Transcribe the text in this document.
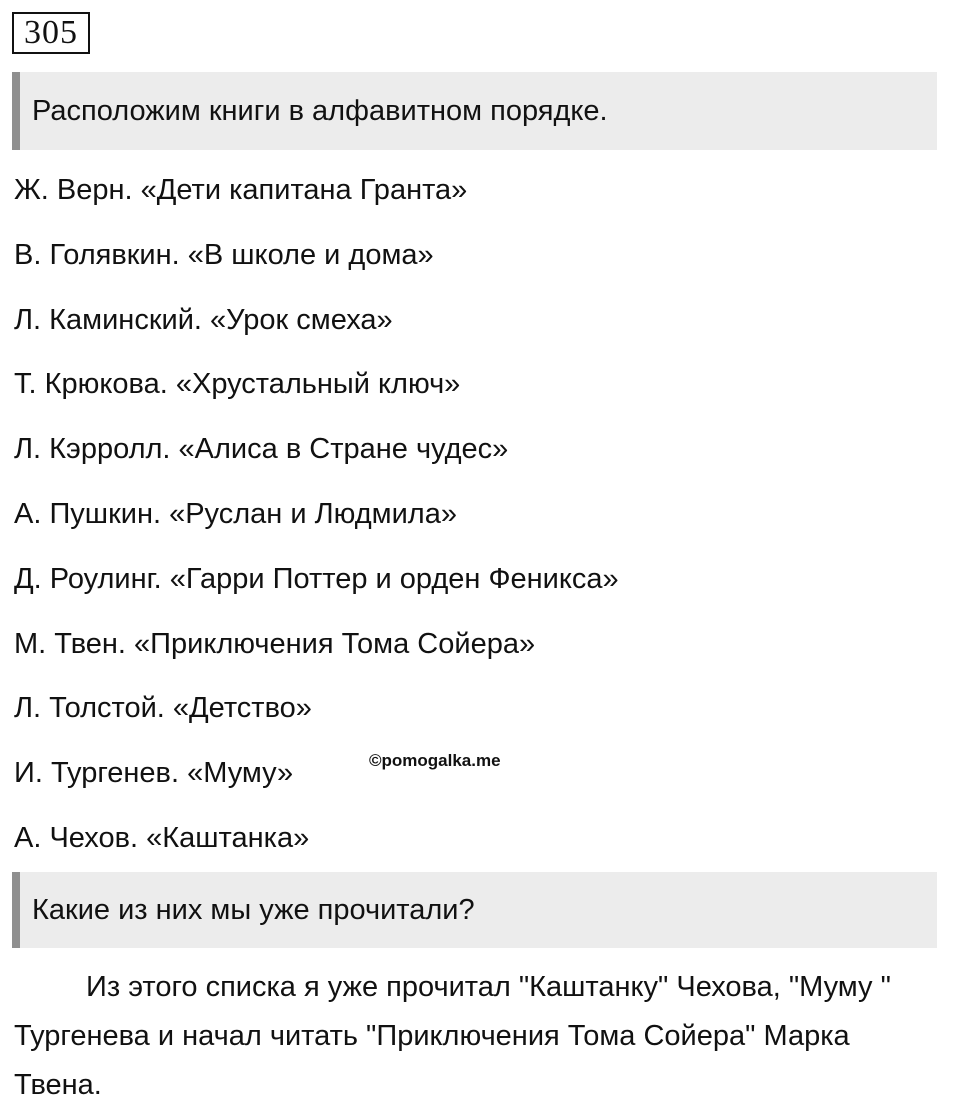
305
Расположим книги в алфавитном порядке.
Ж. Верн. «Дети капитана Гранта»
В. Голявкин. «В школе и дома»
Л. Каминский. «Урок смеха»
Т. Крюкова. «Хрустальный ключ»
Л. Кэрролл. «Алиса в Стране чудес»
А. Пушкин. «Руслан и Людмила»
Д. Роулинг. «Гарри Поттер и орден Феникса»
М. Твен. «Приключения Тома Сойера»
Л. Толстой. «Детство»
И. Тургенев. «Муму»
А. Чехов. «Каштанка»
©pomogalka.me
Какие из них мы уже прочитали?

Из этого списка я уже прочитал "Каштанку" Чехова, "Муму " Тургенева и начал читать "Приключения Тома Сойера" Марка Твена.
